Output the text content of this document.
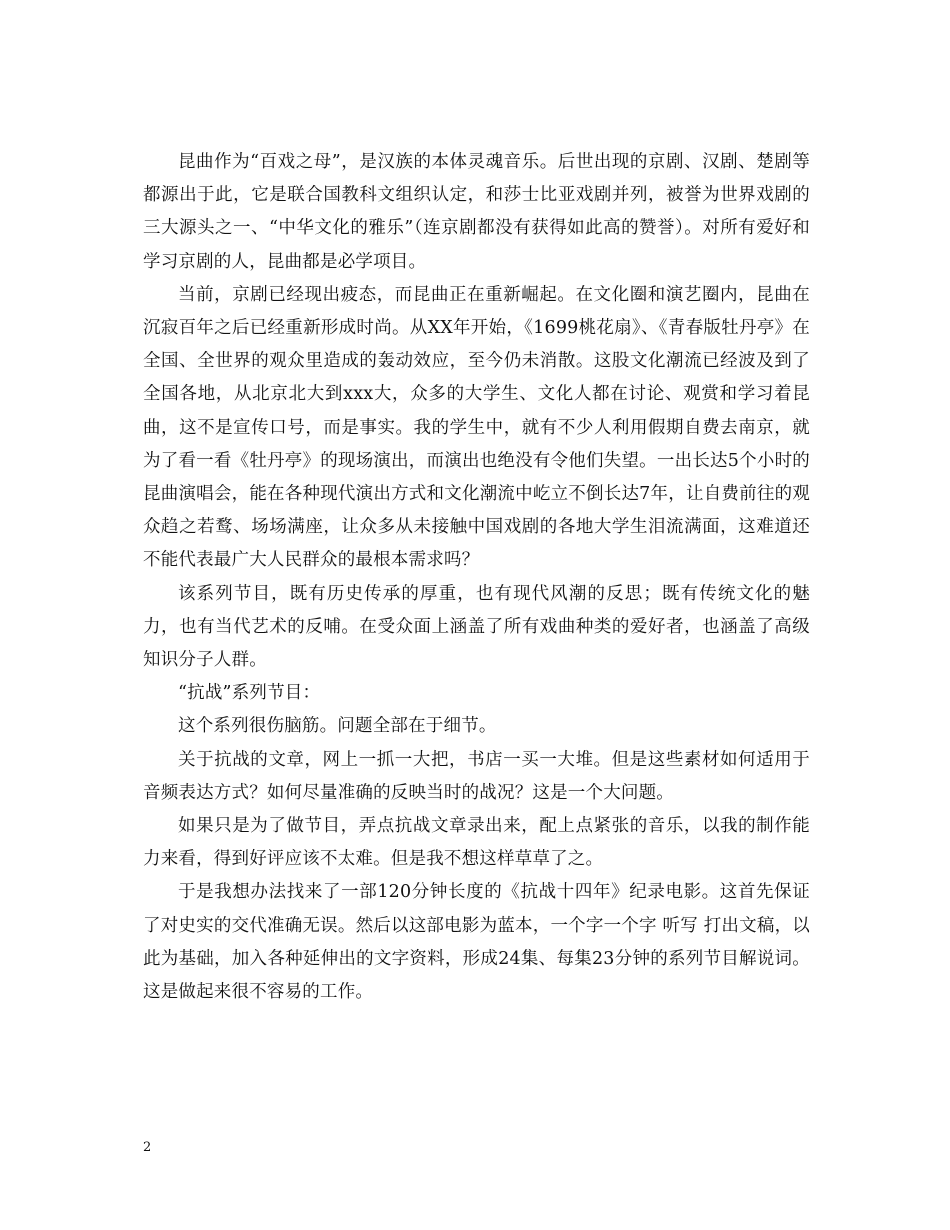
昆曲作为“百戏之母”，是汉族的本体灵魂音乐。后世出现的京剧、汉剧、楚剧等都源出于此，它是联合国教科文组织认定，和莎士比亚戏剧并列，被誉为世界戏剧的三大源头之一、“中华文化的雅乐”（连京剧都没有获得如此高的赞誉）。对所有爱好和学习京剧的人，昆曲都是必学项目。

当前，京剧已经现出疲态，而昆曲正在重新崛起。在文化圈和演艺圈内，昆曲在沉寂百年之后已经重新形成时尚。从XX年开始，《1699桃花扇》、《青春版牡丹亭》在全国、全世界的观众里造成的轰动效应，至今仍未消散。这股文化潮流已经波及到了全国各地，从北京北大到xxx大，众多的大学生、文化人都在讨论、观赏和学习着昆曲，这不是宣传口号，而是事实。我的学生中，就有不少人利用假期自费去南京，就为了看一看《牡丹亭》的现场演出，而演出也绝没有令他们失望。一出长达5个小时的昆曲演唱会，能在各种现代演出方式和文化潮流中屹立不倒长达7年，让自费前往的观众趋之若鹜、场场满座，让众多从未接触中国戏剧的各地大学生泪流满面，这难道还不能代表最广大人民群众的最根本需求吗？

该系列节目，既有历史传承的厚重，也有现代风潮的反思；既有传统文化的魅力，也有当代艺术的反哺。在受众面上涵盖了所有戏曲种类的爱好者，也涵盖了高级知识分子人群。

“抗战”系列节目：

这个系列很伤脑筋。问题全部在于细节。

关于抗战的文章，网上一抓一大把，书店一买一大堆。但是这些素材如何适用于音频表达方式？如何尽量准确的反映当时的战况？这是一个大问题。

如果只是为了做节目，弄点抗战文章录出来，配上点紧张的音乐，以我的制作能力来看，得到好评应该不太难。但是我不想这样草草了之。

于是我想办法找来了一部120分钟长度的《抗战十四年》纪录电影。这首先保证了对史实的交代准确无误。然后以这部电影为蓝本，一个字一个字 听写 打出文稿，以此为基础，加入各种延伸出的文字资料，形成24集、每集23分钟的系列节目解说词。这是做起来很不容易的工作。

2
